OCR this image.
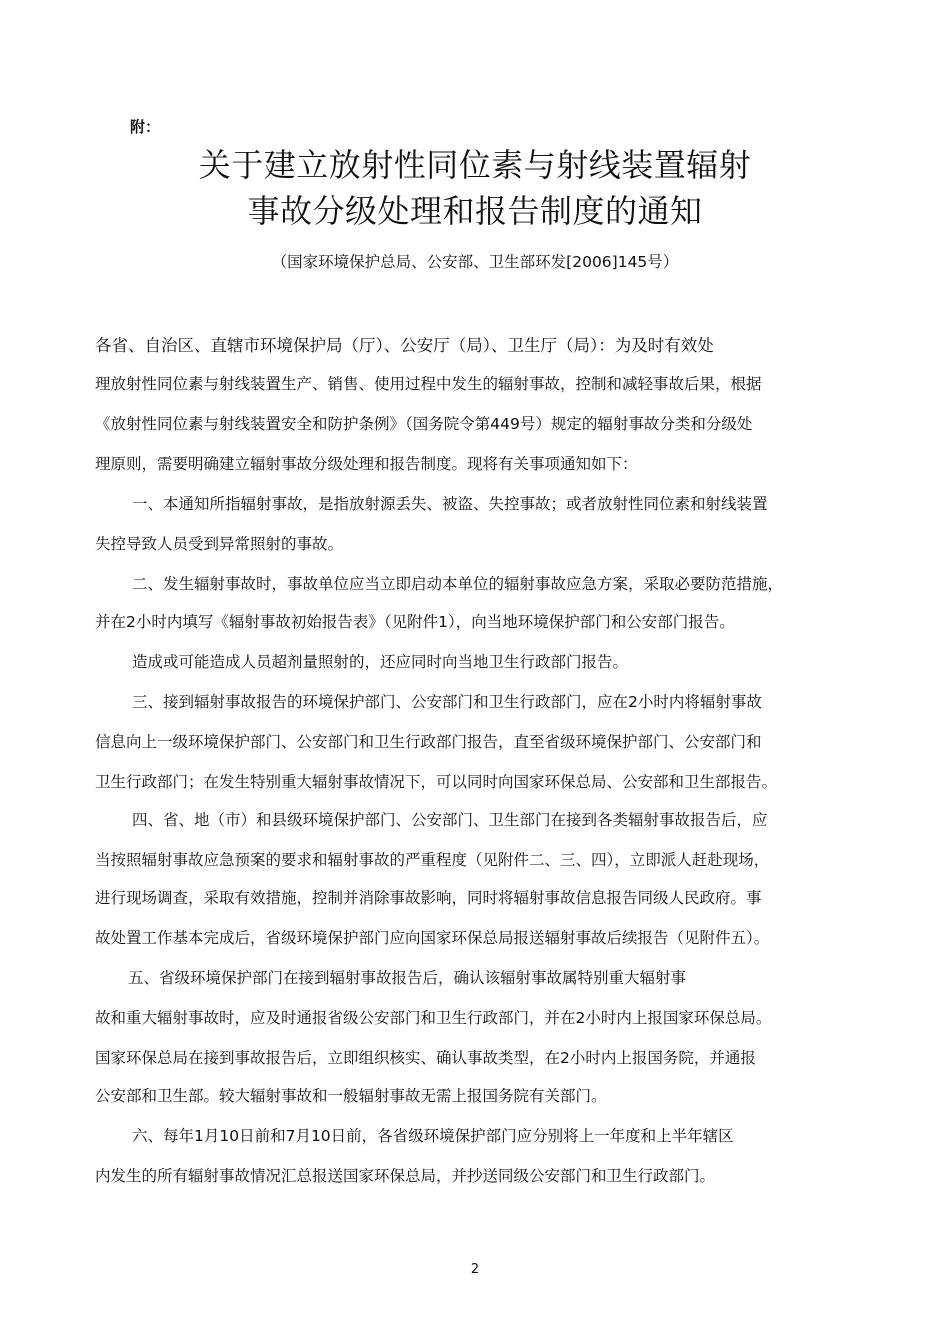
附：
关于建立放射性同位素与射线装置辐射
事故分级处理和报告制度的通知
（国家环境保护总局、公安部、卫生部环发[2006]145号）
各省、自治区、直辖市环境保护局（厅）、公安厅（局）、卫生厅（局）：为及时有效处
理放射性同位素与射线装置生产、销售、使用过程中发生的辐射事故，控制和减轻事故后果，根据
《放射性同位素与射线装置安全和防护条例》（国务院令第449号）规定的辐射事故分类和分级处
理原则，需要明确建立辐射事故分级处理和报告制度。现将有关事项通知如下：
一、本通知所指辐射事故，是指放射源丢失、被盗、失控事故；或者放射性同位素和射线装置
失控导致人员受到异常照射的事故。
二、发生辐射事故时，事故单位应当立即启动本单位的辐射事故应急方案，采取必要防范措施，
并在2小时内填写《辐射事故初始报告表》（见附件1），向当地环境保护部门和公安部门报告。
造成或可能造成人员超剂量照射的，还应同时向当地卫生行政部门报告。
三、接到辐射事故报告的环境保护部门、公安部门和卫生行政部门，应在2小时内将辐射事故
信息向上一级环境保护部门、公安部门和卫生行政部门报告，直至省级环境保护部门、公安部门和
卫生行政部门；在发生特别重大辐射事故情况下，可以同时向国家环保总局、公安部和卫生部报告。
四、省、地（市）和县级环境保护部门、公安部门、卫生部门在接到各类辐射事故报告后，应
当按照辐射事故应急预案的要求和辐射事故的严重程度（见附件二、三、四），立即派人赶赴现场，
进行现场调查，采取有效措施，控制并消除事故影响，同时将辐射事故信息报告同级人民政府。事
故处置工作基本完成后，省级环境保护部门应向国家环保总局报送辐射事故后续报告（见附件五）。
五、省级环境保护部门在接到辐射事故报告后，确认该辐射事故属特别重大辐射事
故和重大辐射事故时，应及时通报省级公安部门和卫生行政部门，并在2小时内上报国家环保总局。
国家环保总局在接到事故报告后，立即组织核实、确认事故类型，在2小时内上报国务院，并通报
公安部和卫生部。较大辐射事故和一般辐射事故无需上报国务院有关部门。
六、每年1月10日前和7月10日前，各省级环境保护部门应分别将上一年度和上半年辖区
内发生的所有辐射事故情况汇总报送国家环保总局，并抄送同级公安部门和卫生行政部门。
2
